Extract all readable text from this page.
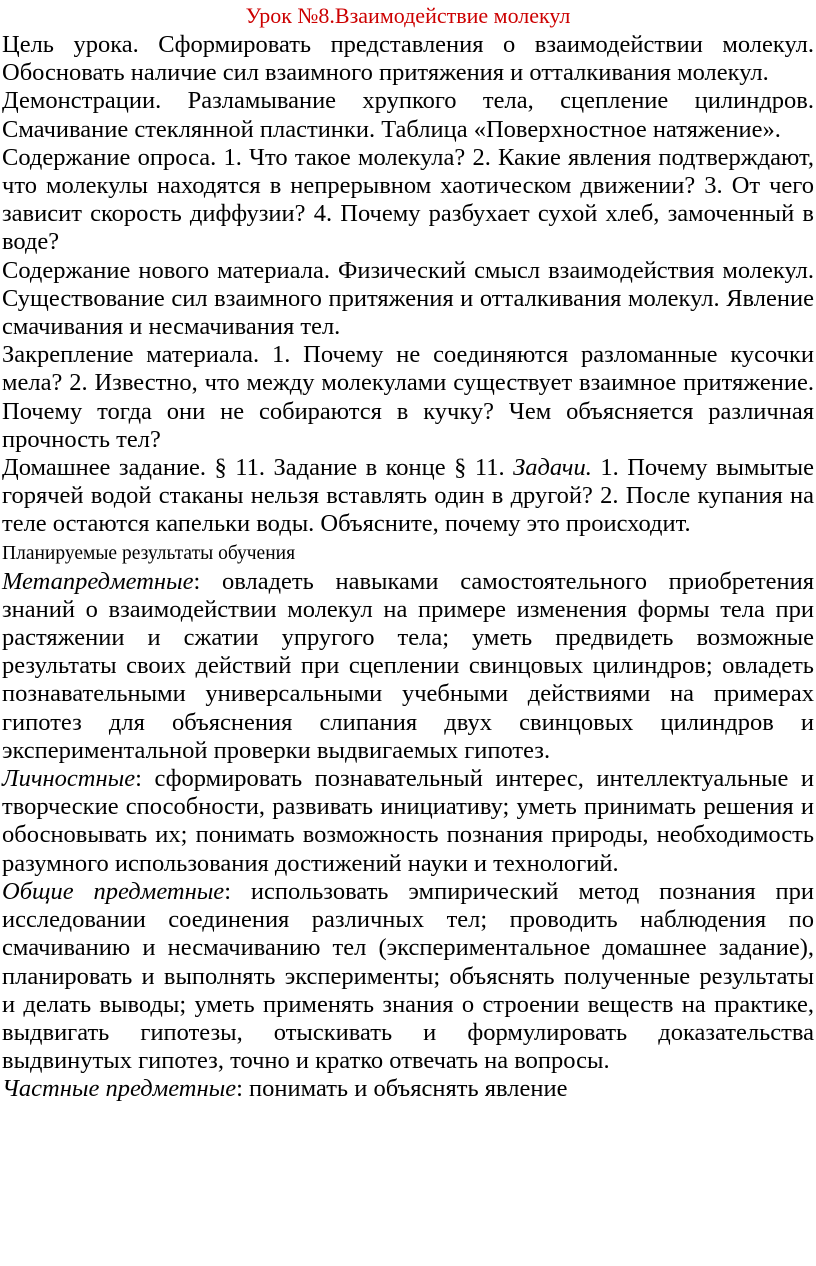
Урок №8.Взаимодействие молекул

Цель урока. Сформировать представления о взаимодействии молекул. Обосновать наличие сил взаимного притяжения и отталкивания молекул.

Демонстрации. Разламывание хрупкого тела, сцепление цилиндров. Смачивание стеклянной пластинки. Таблица «Поверхностное натяжение».

Содержание опроса. 1. Что такое молекула? 2. Какие явления подтверждают, что молекулы находятся в непрерывном хаотическом движении? 3. От чего зависит скорость диффузии? 4. Почему разбухает сухой хлеб, замоченный в воде?

Содержание нового материала. Физический смысл взаимодействия молекул. Существование сил взаимного притяжения и отталкивания молекул. Явление смачивания и несмачивания тел.

Закрепление материала. 1. Почему не соединяются разломанные кусочки мела? 2. Известно, что между молекулами существует взаимное притяжение. Почему тогда они не собираются в кучку? Чем объясняется различная прочность тел?

Домашнее задание. § 11. Задание в конце § 11. Задачи. 1. Почему вымытые горячей водой стаканы нельзя вставлять один в другой? 2. После купания на теле остаются капельки воды. Объясните, почему это происходит.

Планируемые результаты обучения

Метапредметные: овладеть навыками самостоятельного приобретения знаний о взаимодействии молекул на примере изменения формы тела при растяжении и сжатии упругого тела; уметь предвидеть возможные результаты своих действий при сцеплении свинцовых цилиндров; овладеть познавательными универсальными учебными действиями на примерах гипотез для объяснения слипания двух свинцовых цилиндров и экспериментальной проверки выдвигаемых гипотез.

Личностные: сформировать познавательный интерес, интеллектуальные и творческие способности, развивать инициативу; уметь принимать решения и обосновывать их; понимать возможность познания природы, необходимость разумного использования достижений науки и технологий.

Общие предметные: использовать эмпирический метод познания при исследовании соединения различных тел; проводить наблюдения по смачиванию и несмачиванию тел (экспериментальное домашнее задание), планировать и выполнять эксперименты; объяснять полученные результаты и делать выводы; уметь применять знания о строении веществ на практике, выдвигать гипотезы, отыскивать и формулировать доказательства выдвинутых гипотез, точно и кратко отвечать на вопросы.

Частные предметные: понимать и объяснять явление
